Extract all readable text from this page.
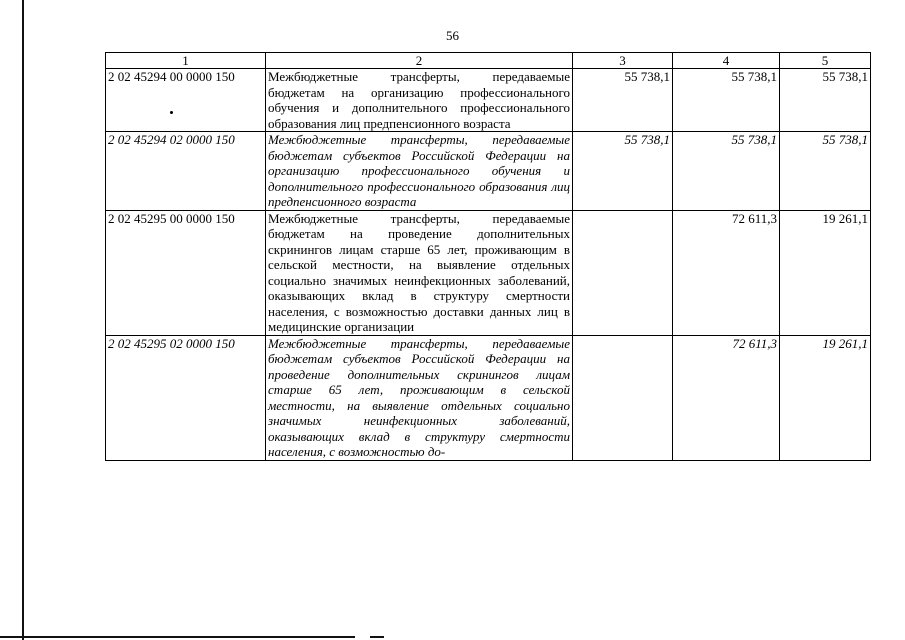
56
1	2	3	4	5
2 02 45294 00 0000 150	Межбюджетные трансферты, передаваемые бюджетам на организацию профессионального обучения и дополнительного профессионального образования лиц предпенсионного возраста	55 738,1	55 738,1	55 738,1
2 02 45294 02 0000 150	Межбюджетные трансферты, передаваемые бюджетам субъектов Российской Федерации на организацию профессионального обучения и дополнительного профессионального образования лиц предпенсионного возраста	55 738,1	55 738,1	55 738,1
2 02 45295 00 0000 150	Межбюджетные трансферты, передаваемые бюджетам на проведение дополнительных скринингов лицам старше 65 лет, проживающим в сельской местности, на выявление отдельных социально значимых неинфекционных заболеваний, оказывающих вклад в структуру смертности населения, с возможностью доставки данных лиц в медицинские организации		72 611,3	19 261,1
2 02 45295 02 0000 150	Межбюджетные трансферты, передаваемые бюджетам субъектов Российской Федерации на проведение дополнительных скринингов лицам старше 65 лет, проживающим в сельской местности, на выявление отдельных социально значимых неинфекционных заболеваний, оказывающих вклад в структуру смертности населения, с возможностью до-		72 611,3	19 261,1
